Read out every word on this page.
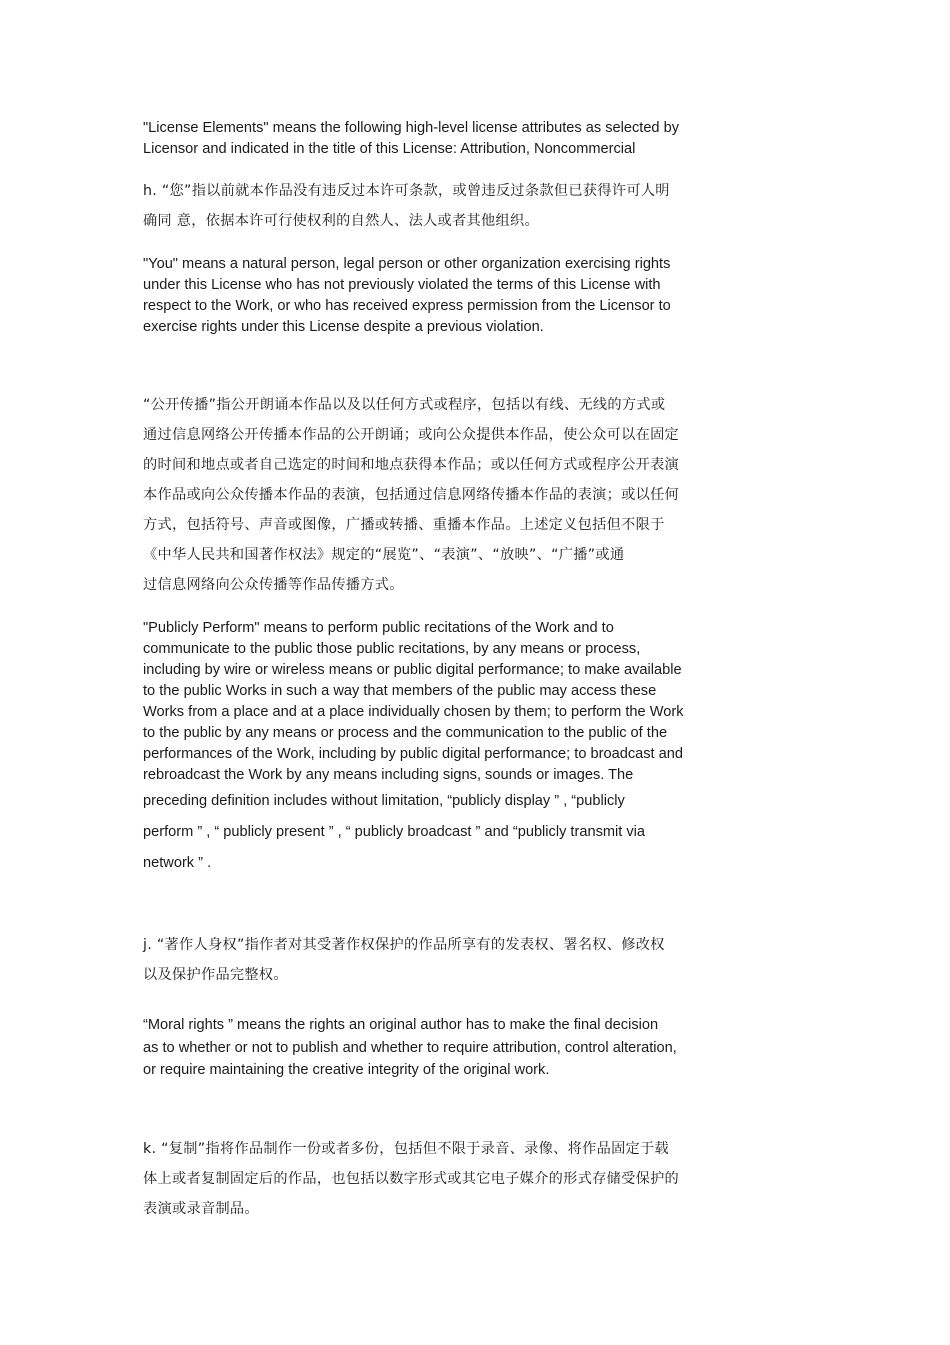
"License Elements" means the following high-level license attributes as selected by
Licensor and indicated in the title of this License: Attribution, Noncommercial

h. “您”指以前就本作品没有违反过本许可条款，或曾违反过条款但已获得许可人明
确同 意，依据本许可行使权利的自然人、法人或者其他组织。

"You" means a natural person, legal person or other organization exercising rights
under this License who has not previously violated the terms of this License with
respect to the Work, or who has received express permission from the Licensor to
exercise rights under this License despite a previous violation.

“公开传播”指公开朗诵本作品以及以任何方式或程序，包括以有线、无线的方式或
通过信息网络公开传播本作品的公开朗诵；或向公众提供本作品，使公众可以在固定
的时间和地点或者自己选定的时间和地点获得本作品；或以任何方式或程序公开表演
本作品或向公众传播本作品的表演，包括通过信息网络传播本作品的表演；或以任何
方式，包括符号、声音或图像，广播或转播、重播本作品。上述定义包括但不限于
《中华人民共和国著作权法》规定的“展览”、“表演”、“放映”、“广播”或通
过信息网络向公众传播等作品传播方式。

"Publicly Perform" means to perform public recitations of the Work and to
communicate to the public those public recitations, by any means or process,
including by wire or wireless means or public digital performance; to make available
to the public Works in such a way that members of the public may access these
Works from a place and at a place individually chosen by them; to perform the Work
to the public by any means or process and the communication to the public of the
performances of the Work, including by public digital performance; to broadcast and
rebroadcast the Work by any means including signs, sounds or images. The
preceding definition includes without limitation, “publicly display ” , “publicly
perform ” , “ publicly present ” , “ publicly broadcast ” and “publicly transmit via
network ” .

j. “著作人身权”指作者对其受著作权保护的作品所享有的发表权、署名权、修改权
以及保护作品完整权。

“Moral rights ” means the rights an original author has to make the final decision
as to whether or not to publish and whether to require attribution, control alteration,
or require maintaining the creative integrity of the original work.

k. “复制”指将作品制作一份或者多份，包括但不限于录音、录像、将作品固定于载
体上或者复制固定后的作品，也包括以数字形式或其它电子媒介的形式存储受保护的
表演或录音制品。
